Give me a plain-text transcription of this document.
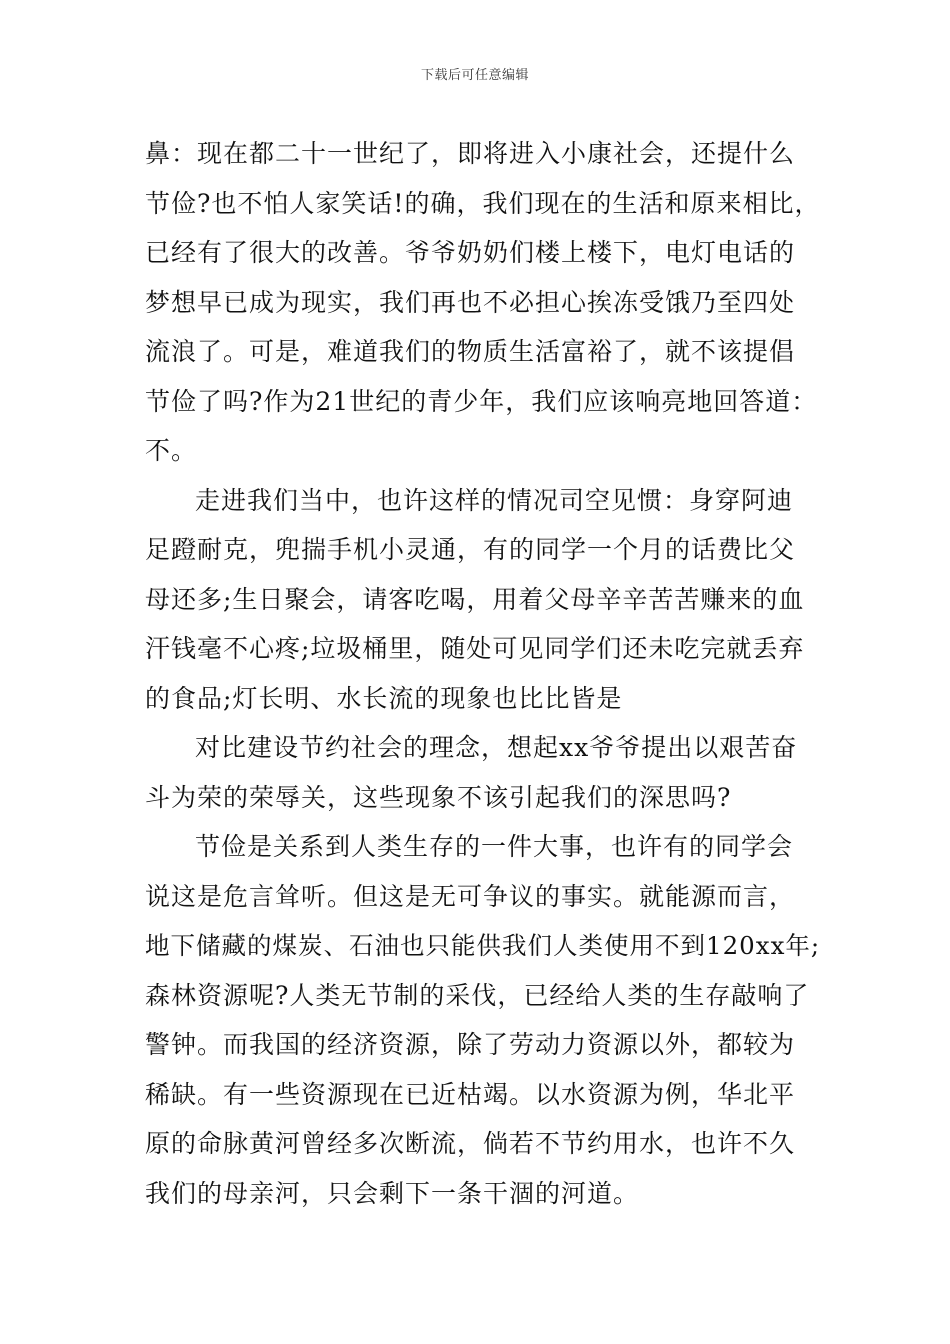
下载后可任意编辑
鼻：现在都二十一世纪了，即将进入小康社会，还提什么
节俭?也不怕人家笑话!的确，我们现在的生活和原来相比，
已经有了很大的改善。爷爷奶奶们楼上楼下，电灯电话的
梦想早已成为现实，我们再也不必担心挨冻受饿乃至四处
流浪了。可是，难道我们的物质生活富裕了，就不该提倡
节俭了吗?作为21世纪的青少年，我们应该响亮地回答道：
不。
走进我们当中，也许这样的情况司空见惯：身穿阿迪
足蹬耐克，兜揣手机小灵通，有的同学一个月的话费比父
母还多;生日聚会，请客吃喝，用着父母辛辛苦苦赚来的血
汗钱毫不心疼;垃圾桶里，随处可见同学们还未吃完就丢弃
的食品;灯长明、水长流的现象也比比皆是
对比建设节约社会的理念，想起xx爷爷提出以艰苦奋
斗为荣的荣辱关，这些现象不该引起我们的深思吗?
节俭是关系到人类生存的一件大事，也许有的同学会
说这是危言耸听。但这是无可争议的事实。就能源而言，
地下储藏的煤炭、石油也只能供我们人类使用不到120xx年;
森林资源呢?人类无节制的采伐，已经给人类的生存敲响了
警钟。而我国的经济资源，除了劳动力资源以外，都较为
稀缺。有一些资源现在已近枯竭。以水资源为例，华北平
原的命脉黄河曾经多次断流，倘若不节约用水，也许不久
我们的母亲河，只会剩下一条干涸的河道。
